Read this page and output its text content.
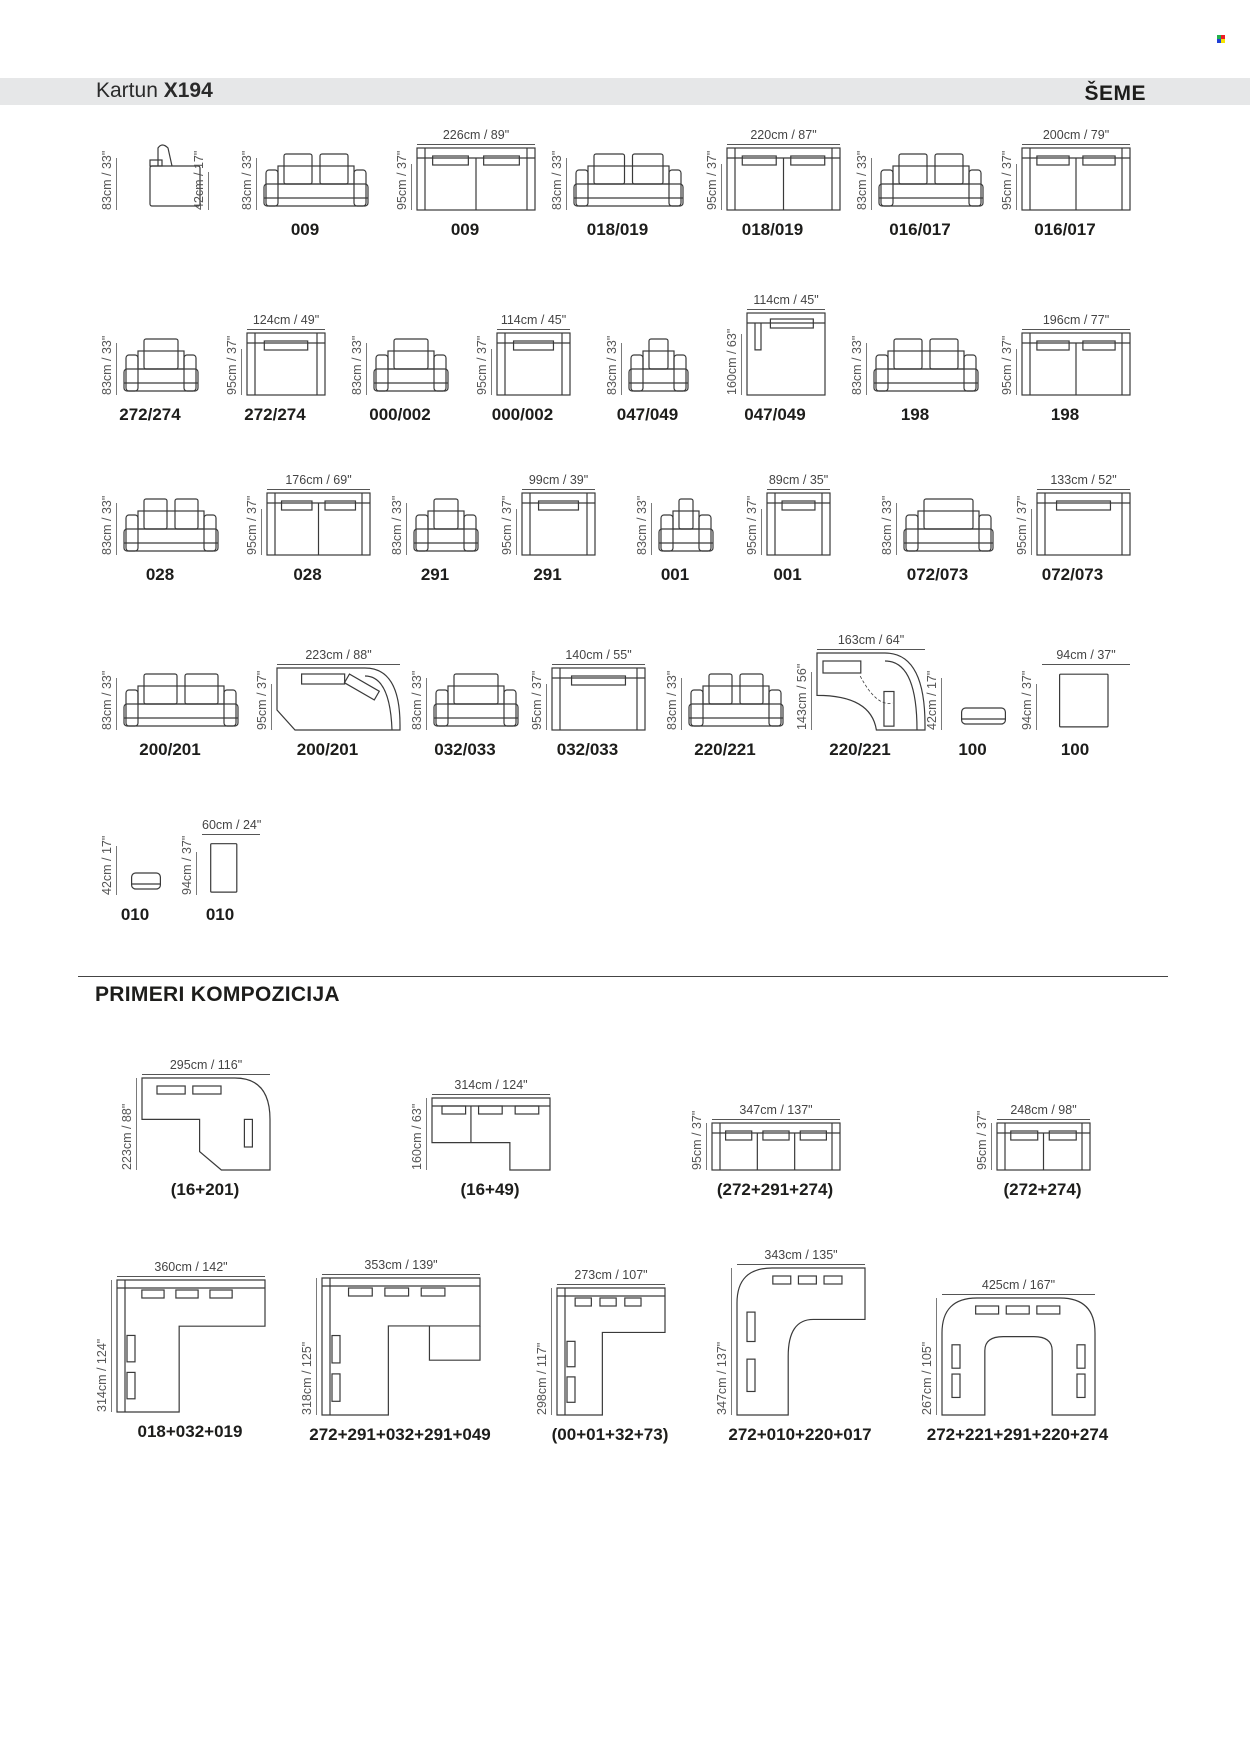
Kartun X194	ŠEME
83cm / 33"	42cm / 17"	83cm / 33"
009
95cm / 37"
226cm / 89"
009
83cm / 33"
018/019
95cm / 37"
220cm / 87"
018/019
83cm / 33"
016/017
95cm / 37"
200cm / 79"
016/017
83cm / 33"
272/274
95cm / 37"
124cm / 49"
272/274
83cm / 33"
000/002
95cm / 37"
114cm / 45"
000/002
83cm / 33"
047/049
160cm / 63"
114cm / 45"
047/049
83cm / 33"
198
95cm / 37"
196cm / 77"
198
83cm / 33"
028
95cm / 37"
176cm / 69"
028
83cm / 33"
291
95cm / 37"
99cm / 39"
291
83cm / 33"
001
95cm / 37"
89cm / 35"
001
83cm / 33"
072/073
95cm / 37"
133cm / 52"
072/073
83cm / 33"
200/201
95cm / 37"
223cm / 88"
200/201
83cm / 33"
032/033
95cm / 37"
140cm / 55"
032/033
83cm / 33"
220/221
143cm / 56"
163cm / 64"
220/221
42cm / 17"
100
94cm / 37"
94cm / 37"
100
42cm / 17"
010
94cm / 37"
60cm / 24"
010
PRIMERI KOMPOZICIJA
223cm / 88"
295cm / 116"
(16+201)
160cm / 63"
314cm / 124"
(16+49)
95cm / 37"
347cm / 137"
(272+291+274)
95cm / 37"
248cm / 98"
(272+274)
314cm / 124"
360cm / 142"
018+032+019
318cm / 125"
353cm / 139"
272+291+032+291+049
298cm / 117"
273cm / 107"
(00+01+32+73)
347cm / 137"
343cm / 135"
272+010+220+017
267cm / 105"
425cm / 167"
272+221+291+220+274
